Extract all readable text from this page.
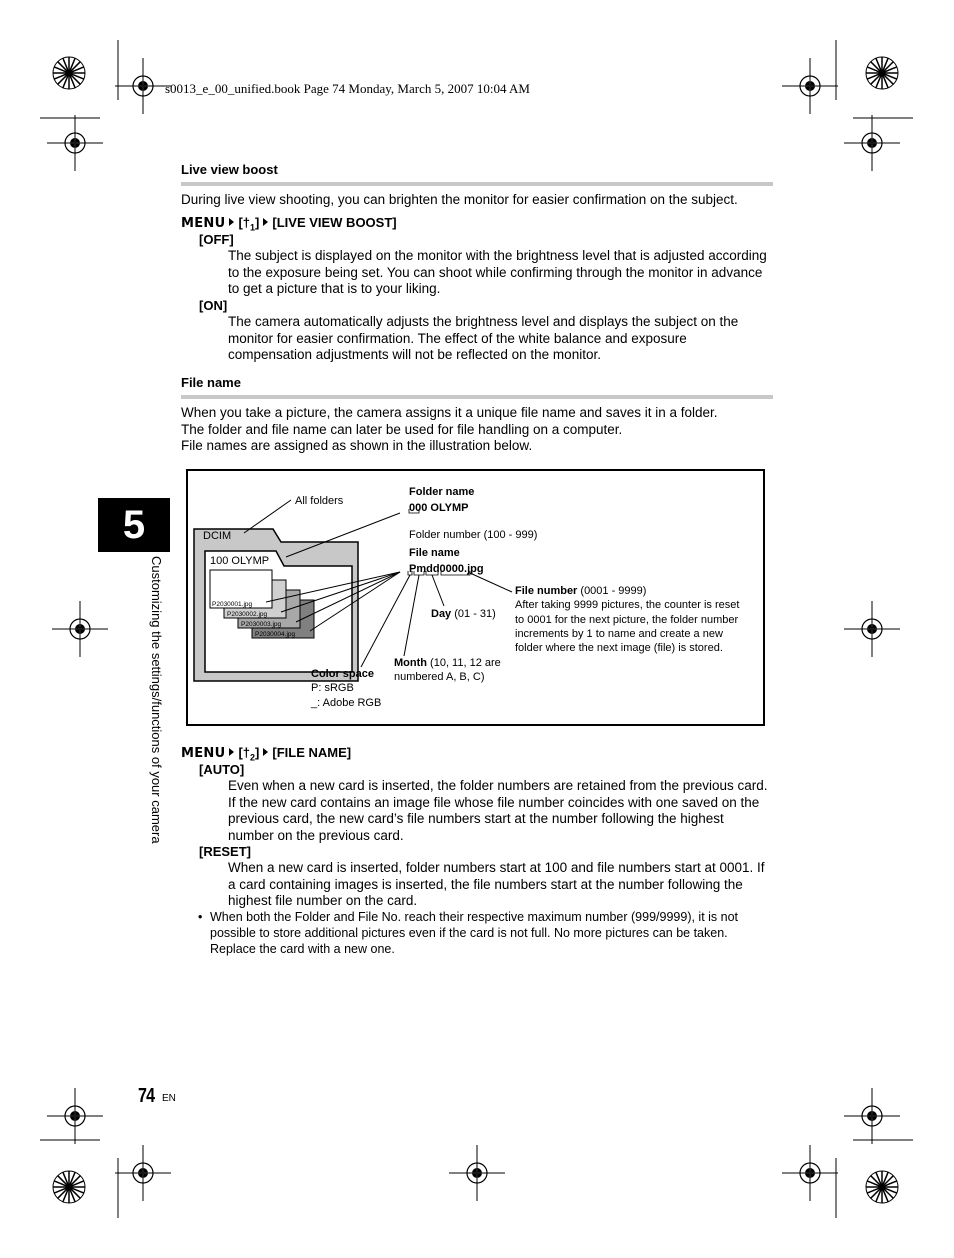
s0013_e_00_unified.book Page 74 Monday, March 5, 2007 10:04 AM
Live view boost
During live view shooting, you can brighten the monitor for easier confirmation on the subject.
MENU $[\dagger_1]$ [LIVE VIEW BOOST]
[OFF]
The subject is displayed on the monitor with the brightness level that is adjusted according to the exposure being set. You can shoot while confirming through the monitor in advance to get a picture that is to your liking.
[ON]
The camera automatically adjusts the brightness level and displays the subject on the monitor for easier confirmation. The effect of the white balance and exposure compensation adjustments will not be reflected on the monitor.
File name
When you take a picture, the camera assigns it a unique file name and saves it in a folder.
The folder and file name can later be used for file handling on a computer.
File names are assigned as shown in the illustration below.
All folders
DCIM
100 OLYMP
P2030001.jpg
P2030002.jpg
P2030003.jpg
P2030004.jpg
Folder name
000 OLYMP
Folder number (100 - 999)
File name
Pmdd0000.jpg
File number (0001 - 9999)
After taking 9999 pictures, the counter is reset
to 0001 for the next picture, the folder number
increments by 1 to name and create a new
folder where the next image (file) is stored.
Day (01 - 31)
Month (10, 11, 12 are
numbered A, B, C)
Color space
P: sRGB
_: Adobe RGB
MENU $[\dagger_2]$ [FILE NAME]
[AUTO]
Even when a new card is inserted, the folder numbers are retained from the previous card. If the new card contains an image file whose file number coincides with one saved on the previous card, the new card’s file numbers start at the number following the highest number on the previous card.
[RESET]
When a new card is inserted, folder numbers start at 100 and file numbers start at 0001. If a card containing images is inserted, the file numbers start at the number following the highest file number on the card.
• When both the Folder and File No. reach their respective maximum number (999/9999), it is not possible to store additional pictures even if the card is not full. No more pictures can be taken. Replace the card with a new one.
5
Customizing the settings/functions of your camera
74 EN
